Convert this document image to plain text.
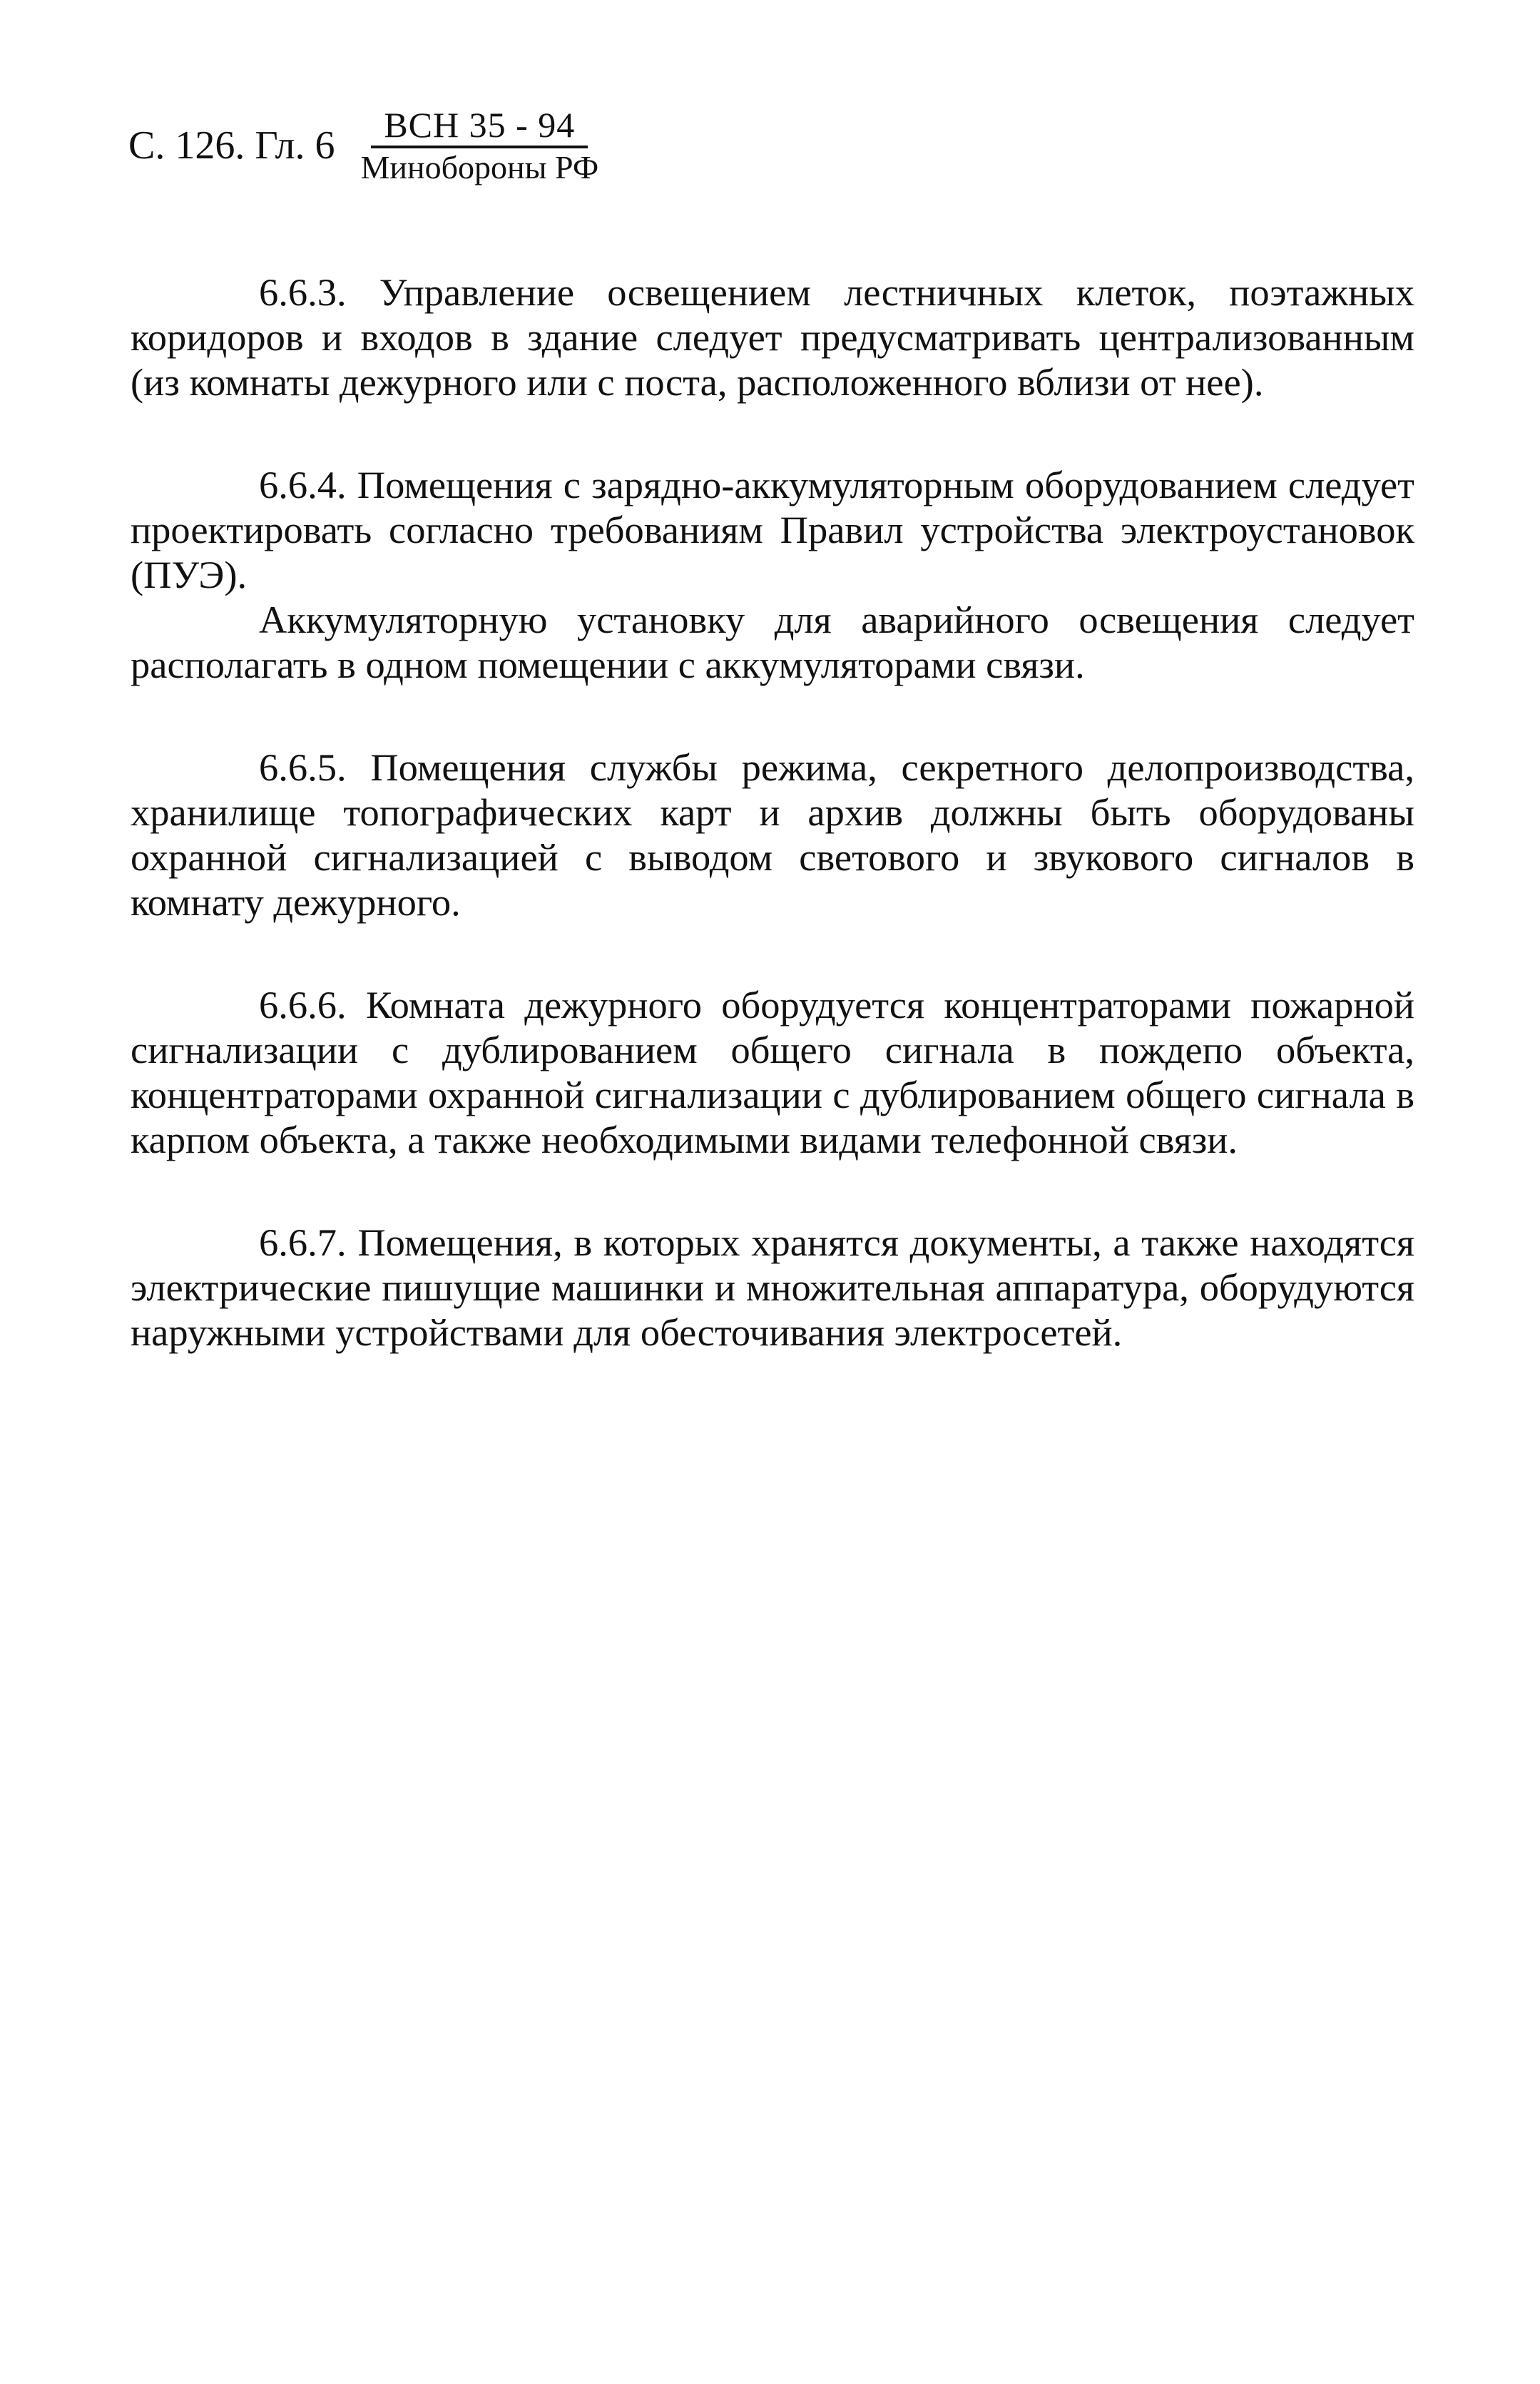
С. 126. Гл. $6 \frac{\text{ВСН 35 - 94}}{\text{Минобороны РФ}}$

6.6.3. Управление освещением лестничных клеток, поэтажных коридоров и входов в здание следует предусматривать централизованным (из комнаты дежурного или с поста, расположенного вблизи от нее).

6.6.4. Помещения с зарядно-аккумуляторным оборудованием следует проектировать согласно требованиям Правил устройства электроустановок (ПУЭ).

Аккумуляторную установку для аварийного освещения следует располагать в одном помещении с аккумуляторами связи.

6.6.5. Помещения службы режима, секретного делопроизводства, хранилище топографических карт и архив должны быть оборудованы охранной сигнализацией с выводом светового и звукового сигналов в комнату дежурного.

6.6.6. Комната дежурного оборудуется концентраторами пожарной сигнализации с дублированием общего сигнала в пождепо объекта, концентраторами охранной сигнализации с дублированием общего сигнала в карпом объекта, а также необходимыми видами телефонной связи.

6.6.7. Помещения, в которых хранятся документы, а также находятся электрические пишущие машинки и множительная аппаратура, оборудуются наружными устройствами для обесточивания электросетей.
